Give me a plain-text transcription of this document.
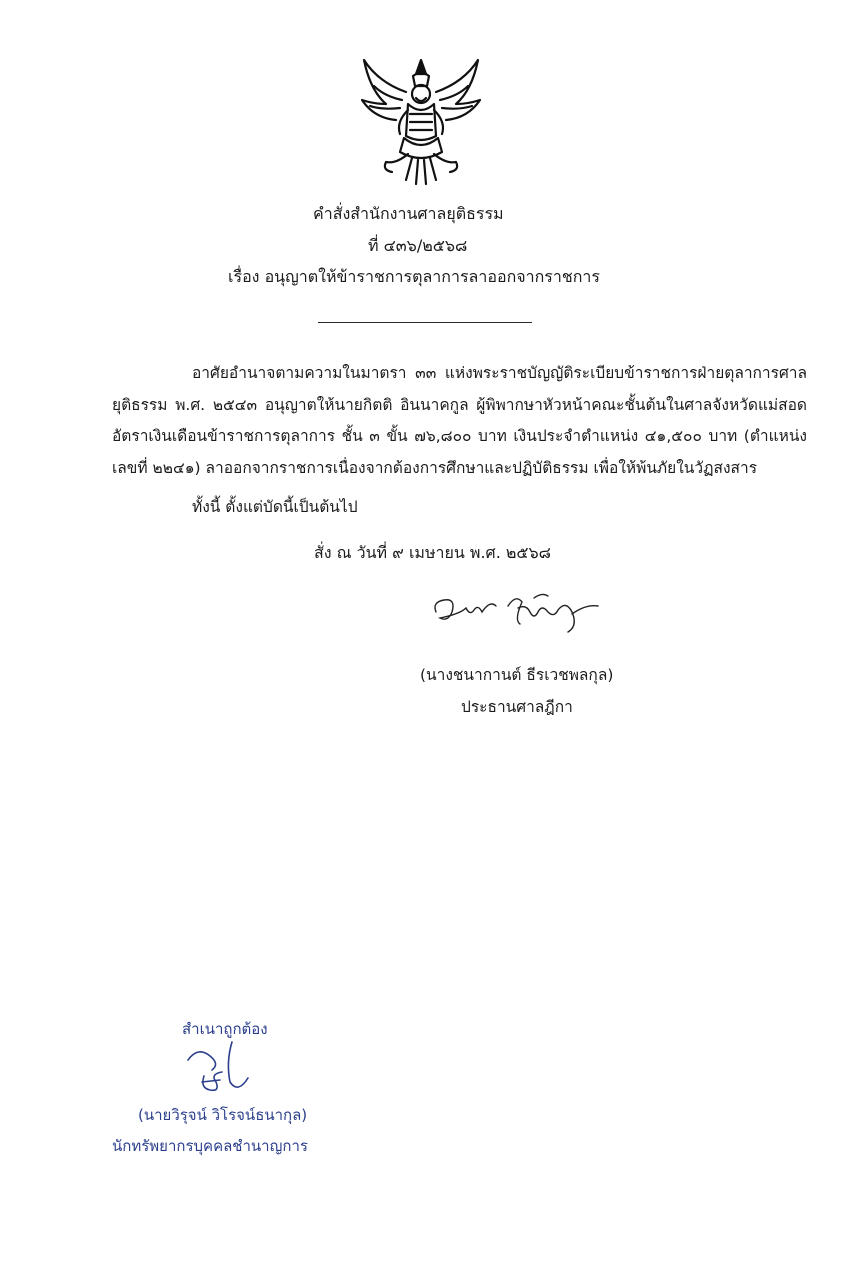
คำสั่งสำนักงานศาลยุติธรรม
ที่ ๔๓๖/๒๕๖๘
เรื่อง อนุญาตให้ข้าราชการตุลาการลาออกจากราชการ
อาศัยอำนาจตามความในมาตรา ๓๓ แห่งพระราชบัญญัติระเบียบข้าราชการฝ่ายตุลาการศาลยุติธรรม พ.ศ. ๒๕๔๓ อนุญาตให้นายกิตติ อินนาคกูล ผู้พิพากษาหัวหน้าคณะชั้นต้นในศาลจังหวัดแม่สอด อัตราเงินเดือนข้าราชการตุลาการ ชั้น ๓ ขั้น ๗๖,๘๐๐ บาท เงินประจำตำแหน่ง ๔๑,๕๐๐ บาท (ตำแหน่งเลขที่ ๒๒๔๑) ลาออกจากราชการเนื่องจากต้องการศึกษาและปฏิบัติธรรม เพื่อให้พ้นภัยในวัฏสงสาร
ทั้งนี้ ตั้งแต่บัดนี้เป็นต้นไป
สั่ง ณ วันที่ ๙ เมษายน พ.ศ. ๒๕๖๘
(นางชนากานต์ ธีรเวชพลกุล)
ประธานศาลฎีกา
สำเนาถูกต้อง
(นายวิรุจน์ วิโรจน์ธนากุล)
นักทรัพยากรบุคคลชำนาญการ
